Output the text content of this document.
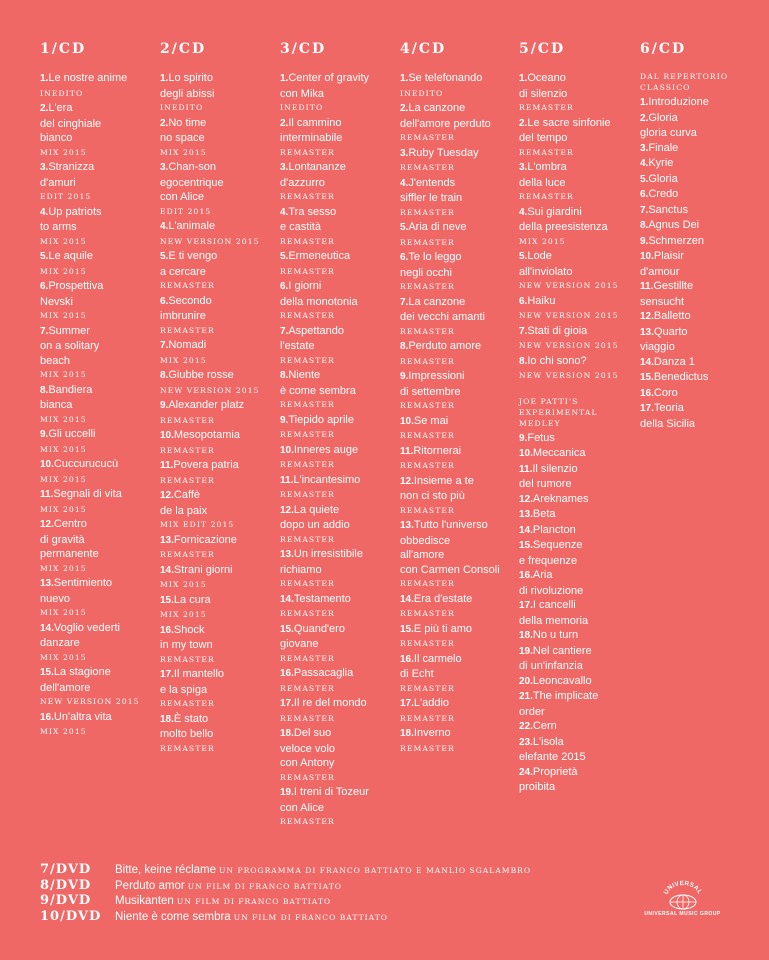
1/CD
1.Le nostre anime
INEDITO
2.L'era
del cinghiale
bianco
MIX 2015
3.Stranizza
d'amuri
EDIT 2015
4.Up patriots
to arms
MIX 2015
5.Le aquile
MIX 2015
6.Prospettiva
Nevski
MIX 2015
7.Summer
on a solitary
beach
MIX 2015
8.Bandiera
bianca
MIX 2015
9.Gli uccelli
MIX 2015
10.Cuccurucucù
MIX 2015
11.Segnali di vita
MIX 2015
12.Centro
di gravità
permanente
MIX 2015
13.Sentimiento
nuevo
MIX 2015
14.Voglio vederti
danzare
MIX 2015
15.La stagione
dell'amore
NEW VERSION 2015
16.Un'altra vita
MIX 2015
2/CD
1.Lo spirito
degli abissi
INEDITO
2.No time
no space
MIX 2015
3.Chan-son
egocentrique
con Alice
EDIT 2015
4.L'animale
NEW VERSION 2015
5.E ti vengo
a cercare
REMASTER
6.Secondo
imbrunire
REMASTER
7.Nomadi
MIX 2015
8.Giubbe rosse
NEW VERSION 2015
9.Alexander platz
REMASTER
10.Mesopotamia
REMASTER
11.Povera patria
REMASTER
12.Caffè
de la paix
MIX EDIT 2015
13.Fornicazione
REMASTER
14.Strani giorni
MIX 2015
15.La cura
MIX 2015
16.Shock
in my town
REMASTER
17.Il mantello
e la spiga
REMASTER
18.È stato
molto bello
REMASTER
3/CD
1.Center of gravity
con Mika
INEDITO
2.Il cammino
interminabile
REMASTER
3.Lontananze
d'azzurro
REMASTER
4.Tra sesso
e castità
REMASTER
5.Ermeneutica
REMASTER
6.I giorni
della monotonia
REMASTER
7.Aspettando
l'estate
REMASTER
8.Niente
è come sembra
REMASTER
9.Tiepido aprile
REMASTER
10.Inneres auge
REMASTER
11.L'incantesimo
REMASTER
12.La quiete
dopo un addio
REMASTER
13.Un irresistibile
richiamo
REMASTER
14.Testamento
REMASTER
15.Quand'ero
giovane
REMASTER
16.Passacaglia
REMASTER
17.Il re del mondo
REMASTER
18.Del suo
veloce volo
con Antony
REMASTER
19.I treni di Tozeur
con Alice
REMASTER
4/CD
1.Se telefonando
INEDITO
2.La canzone
dell'amore perduto
REMASTER
3.Ruby Tuesday
REMASTER
4.J'entends
siffler le train
REMASTER
5.Aria di neve
REMASTER
6.Te lo leggo
negli occhi
REMASTER
7.La canzone
dei vecchi amanti
REMASTER
8.Perduto amore
REMASTER
9.Impressioni
di settembre
REMASTER
10.Se mai
REMASTER
11.Ritornerai
REMASTER
12.Insieme a te
non ci sto più
REMASTER
13.Tutto l'universo
obbedisce
all'amore
con Carmen Consoli
REMASTER
14.Era d'estate
REMASTER
15.E più ti amo
REMASTER
16.Il carmelo
di Echt
REMASTER
17.L'addio
REMASTER
18.Inverno
REMASTER
5/CD
1.Oceano
di silenzio
REMASTER
2.Le sacre sinfonie
del tempo
REMASTER
3.L'ombra
della luce
REMASTER
4.Sui giardini
della preesistenza
MIX 2015
5.Lode
all'inviolato
NEW VERSION 2015
6.Haiku
NEW VERSION 2015
7.Stati di gioia
NEW VERSION 2015
8.Io chi sono?
NEW VERSION 2015
JOE PATTI'S
EXPERIMENTAL
MEDLEY
9.Fetus
10.Meccanica
11.Il silenzio
del rumore
12.Areknames
13.Beta
14.Plancton
15.Sequenze
e frequenze
16.Aria
di rivoluzione
17.I cancelli
della memoria
18.No u turn
19.Nel cantiere
di un'infanzia
20.Leoncavallo
21.The implicate
order
22.Cern
23.L'isola
elefante 2015
24.Proprietà
proibita
6/CD
DAL REPERTORIO
CLASSICO
1.Introduzione
2.Gloria
gloria curva
3.Finale
4.Kyrie
5.Gloria
6.Credo
7.Sanctus
8.Agnus Dei
9.Schmerzen
10.Plaisir
d'amour
11.Gestillte
sensucht
12.Balletto
13.Quarto
viaggio
14.Danza 1
15.Benedictus
16.Coro
17.Teoria
della Sicilia
7/DVD	Bitte, keine réclame UN PROGRAMMA DI FRANCO BATTIATO E MANLIO SGALAMBRO
8/DVD	Perduto amor UN FILM DI FRANCO BATTIATO
9/DVD	Musikanten UN FILM DI FRANCO BATTIATO
10/DVD	Niente è come sembra UN FILM DI FRANCO BATTIATO
UNIVERSAL
UNIVERSAL MUSIC GROUP
